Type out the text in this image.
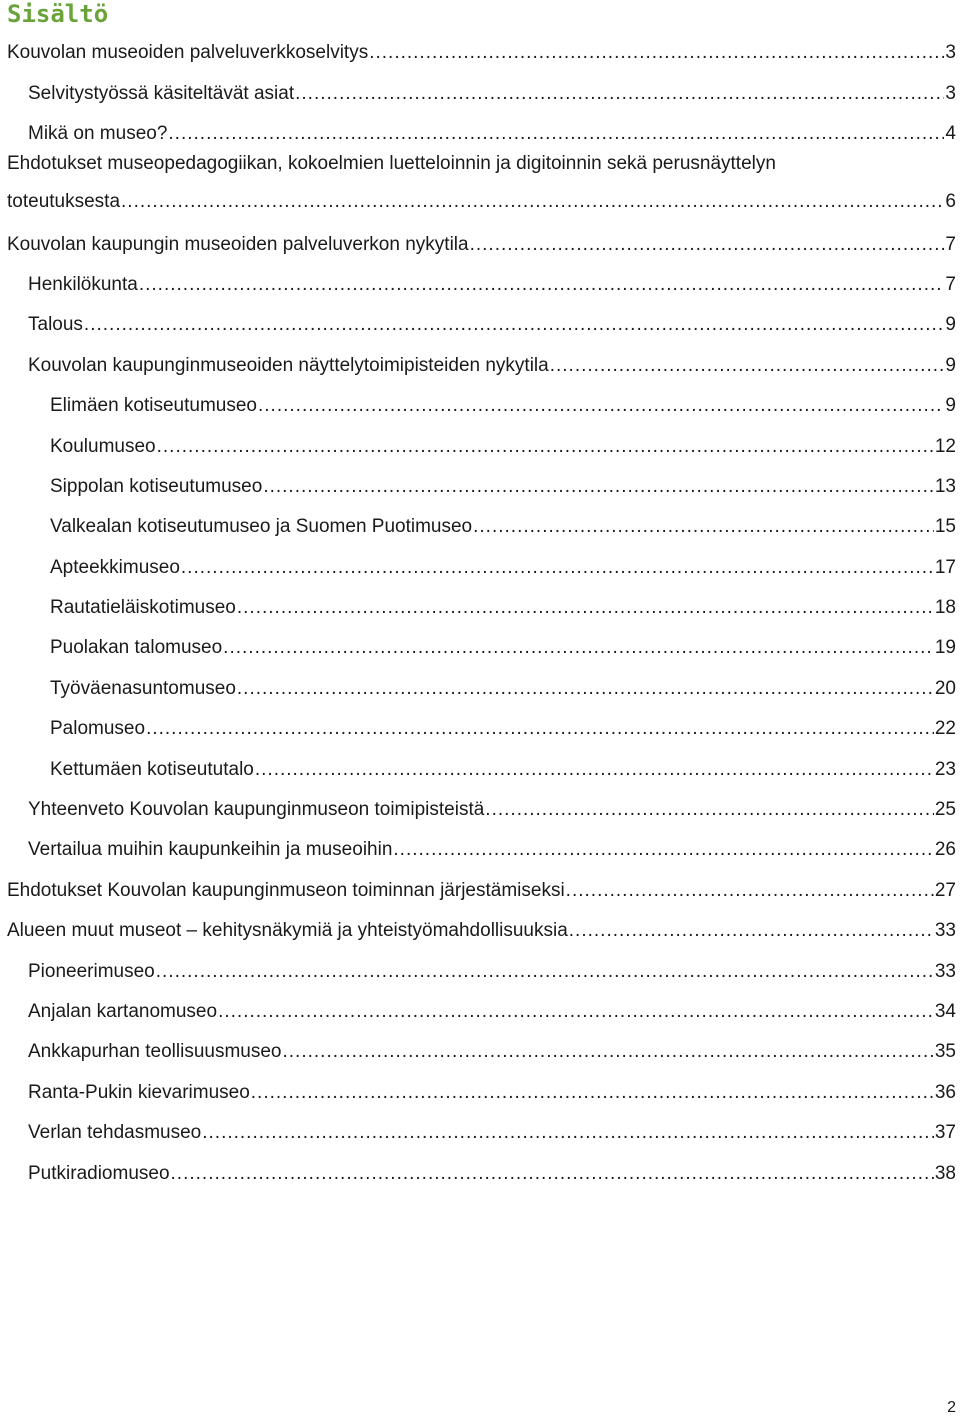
Sisältö
Kouvolan museoiden palveluverkkoselvitys .....	3
Selvitystyössä käsiteltävät asiat .....	3
Mikä on museo? .....	4
Ehdotukset museopedagogiikan, kokoelmien luetteloinnin ja digitoinnin sekä perusnäyttelyn
toteutuksesta .....	6
Kouvolan kaupungin museoiden palveluverkon nykytila .....	7
Henkilökunta .....	7
Talous .....	9
Kouvolan kaupunginmuseoiden näyttelytoimipisteiden nykytila .....	9
Elimäen kotiseutumuseo .....	9
Koulumuseo .....	12
Sippolan kotiseutumuseo .....	13
Valkealan kotiseutumuseo ja Suomen Puotimuseo .....	15
Apteekkimuseo .....	17
Rautatieläiskotimuseo .....	18
Puolakan talomuseo .....	19
Työväenasuntomuseo .....	20
Palomuseo .....	22
Kettumäen kotiseututalo .....	23
Yhteenveto Kouvolan kaupunginmuseon toimipisteistä .....	25
Vertailua muihin kaupunkeihin ja museoihin .....	26
Ehdotukset Kouvolan kaupunginmuseon toiminnan järjestämiseksi .....	27
Alueen muut museot – kehitysnäkymiä ja yhteistyömahdollisuuksia .....	33
Pioneerimuseo .....	33
Anjalan kartanomuseo .....	34
Ankkapurhan teollisuusmuseo .....	35
Ranta-Pukin kievarimuseo .....	36
Verlan tehdasmuseo .....	37
Putkiradiomuseo .....	38
2
